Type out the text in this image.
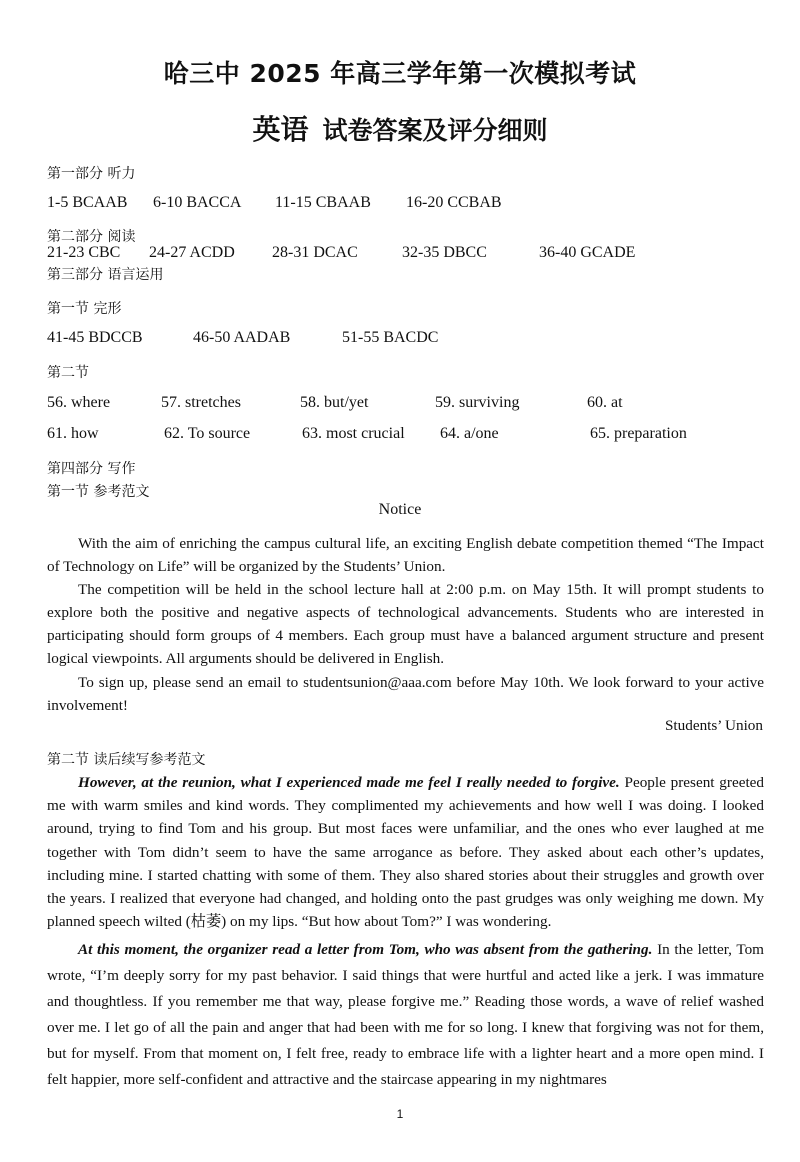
哈三中 2025 年高三学年第一次模拟考试
英语 试卷答案及评分细则
第一部分 听力
1-5 BCAAB 6-10 BACCA 11-15 CBAAB 16-20 CCBAB
第二部分 阅读
21-23 CBC 24-27 ACDD 28-31 DCAC	32-35 DBCC	36-40 GCADE
第三部分 语言运用
第一节 完形
41-45 BDCCB	46-50 AADAB	51-55 BACDC
第二节
56. where	57. stretches	58. but/yet	59. surviving	60. at
61. how	62. To source	63. most crucial 64. a/one	65. preparation
第四部分 写作
第一节 参考范文
Notice

With the aim of enriching the campus cultural life, an exciting English debate competition themed “The Impact of Technology on Life” will be organized by the Students’ Union.

The competition will be held in the school lecture hall at 2:00 p.m. on May 15th. It will prompt students to explore both the positive and negative aspects of technological advancements. Students who are interested in participating should form groups of 4 members. Each group must have a balanced argument structure and present logical viewpoints. All arguments should be delivered in English.

To sign up, please send an email to studentsunion@aaa.com before May 10th. We look forward to your active involvement!

Students’ Union
第二节 读后续写参考范文

However, at the reunion, what I experienced made me feel I really needed to forgive. People present greeted me with warm smiles and kind words. They complimented my achievements and how well I was doing. I looked around, trying to find Tom and his group. But most faces were unfamiliar, and the ones who ever laughed at me together with Tom didn’t seem to have the same arrogance as before. They asked about each other’s updates, including mine. I started chatting with some of them. They also shared stories about their struggles and growth over the years. I realized that everyone had changed, and holding onto the past grudges was only weighing me down. My planned speech wilted (枯萎) on my lips. “But how about Tom?” I was wondering.

At this moment, the organizer read a letter from Tom, who was absent from the gathering. In the letter, Tom wrote, “I’m deeply sorry for my past behavior. I said things that were hurtful and acted like a jerk. I was immature and thoughtless. If you remember me that way, please forgive me.” Reading those words, a wave of relief washed over me. I let go of all the pain and anger that had been with me for so long. I knew that forgiving was not for them, but for myself. From that moment on, I felt free, ready to embrace life with a lighter heart and a more open mind. I felt happier, more self-confident and attractive and the staircase appearing in my nightmares

1
